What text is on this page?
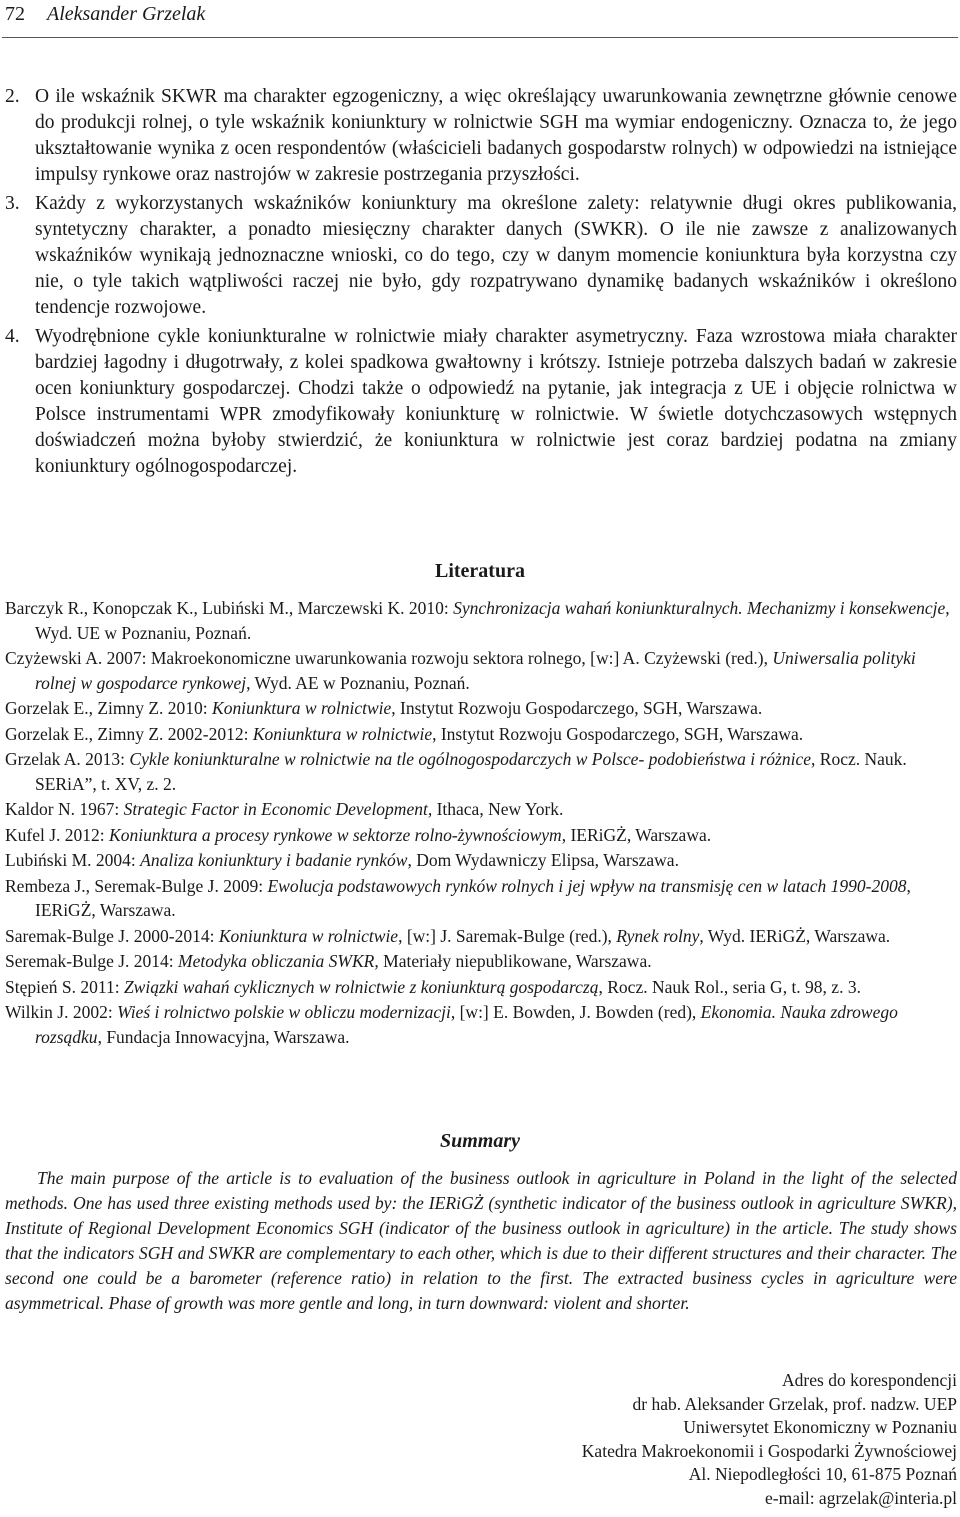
72 Aleksander Grzelak
2. O ile wskaźnik SKWR ma charakter egzogeniczny, a więc określający uwarunkowania zewnętrzne głównie cenowe do produkcji rolnej, o tyle wskaźnik koniunktury w rolnictwie SGH ma wymiar endogeniczny. Oznacza to, że jego ukształtowanie wynika z ocen respondentów (właścicieli badanych gospodarstw rolnych) w odpowiedzi na istniejące impulsy rynkowe oraz nastrojów w zakresie postrzegania przyszłości.
3. Każdy z wykorzystanych wskaźników koniunktury ma określone zalety: relatywnie długi okres publikowania, syntetyczny charakter, a ponadto miesięczny charakter danych (SWKR). O ile nie zawsze z analizowanych wskaźników wynikają jednoznaczne wnioski, co do tego, czy w danym momencie koniunktura była korzystna czy nie, o tyle takich wątpliwości raczej nie było, gdy rozpatrywano dynamikę badanych wskaźników i określono tendencje rozwojowe.
4. Wyodrębnione cykle koniunkturalne w rolnictwie miały charakter asymetryczny. Faza wzrostowa miała charakter bardziej łagodny i długotrwały, z kolei spadkowa gwałtowny i krótszy. Istnieje potrzeba dalszych badań w zakresie ocen koniunktury gospodarczej. Chodzi także o odpowiedź na pytanie, jak integracja z UE i objęcie rolnictwa w Polsce instrumentami WPR zmodyfikowały koniunkturę w rolnictwie. W świetle dotychczasowych wstępnych doświadczeń można byłoby stwierdzić, że koniunktura w rolnictwie jest coraz bardziej podatna na zmiany koniunktury ogólnogospodarczej.
Literatura
Barczyk R., Konopczak K., Lubiński M., Marczewski K. 2010: Synchronizacja wahań koniunkturalnych. Mechanizmy i konsekwencje, Wyd. UE w Poznaniu, Poznań.
Czyżewski A. 2007: Makroekonomiczne uwarunkowania rozwoju sektora rolnego, [w:] A. Czyżewski (red.), Uniwersalia polityki rolnej w gospodarce rynkowej, Wyd. AE w Poznaniu, Poznań.
Gorzelak E., Zimny Z. 2010: Koniunktura w rolnictwie, Instytut Rozwoju Gospodarczego, SGH, Warszawa.
Gorzelak E., Zimny Z. 2002-2012: Koniunktura w rolnictwie, Instytut Rozwoju Gospodarczego, SGH, Warszawa.
Grzelak A. 2013: Cykle koniunkturalne w rolnictwie na tle ogólnogospodarczych w Polsce- podobieństwa i różnice, Rocz. Nauk. SERiA”, t. XV, z. 2.
Kaldor N. 1967: Strategic Factor in Economic Development, Ithaca, New York.
Kufel J. 2012: Koniunktura a procesy rynkowe w sektorze rolno-żywnościowym, IERiGŻ, Warszawa.
Lubiński M. 2004: Analiza koniunktury i badanie rynków, Dom Wydawniczy Elipsa, Warszawa.
Rembeza J., Seremak-Bulge J. 2009: Ewolucja podstawowych rynków rolnych i jej wpływ na transmisję cen w latach 1990-2008, IERiGŻ, Warszawa.
Saremak-Bulge J. 2000-2014: Koniunktura w rolnictwie, [w:] J. Saremak-Bulge (red.), Rynek rolny, Wyd. IERiGŻ, Warszawa.
Seremak-Bulge J. 2014: Metodyka obliczania SWKR, Materiały niepublikowane, Warszawa.
Stępień S. 2011: Związki wahań cyklicznych w rolnictwie z koniunkturą gospodarczą, Rocz. Nauk Rol., seria G, t. 98, z. 3.
Wilkin J. 2002: Wieś i rolnictwo polskie w obliczu modernizacji, [w:] E. Bowden, J. Bowden (red), Ekonomia. Nauka zdrowego rozsądku, Fundacja Innowacyjna, Warszawa.
Summary
The main purpose of the article is to evaluation of the business outlook in agriculture in Poland in the light of the selected methods. One has used three existing methods used by: the IERiGŻ (synthetic indicator of the business outlook in agriculture SWKR), Institute of Regional Development Economics SGH (indicator of the business outlook in agriculture) in the article. The study shows that the indicators SGH and SWKR are complementary to each other, which is due to their different structures and their character. The second one could be a barometer (reference ratio) in relation to the first. The extracted business cycles in agriculture were asymmetrical. Phase of growth was more gentle and long, in turn downward: violent and shorter.
Adres do korespondencji
dr hab. Aleksander Grzelak, prof. nadzw. UEP
Uniwersytet Ekonomiczny w Poznaniu
Katedra Makroekonomii i Gospodarki Żywnościowej
Al. Niepodległości 10, 61-875 Poznań
e-mail: agrzelak@interia.pl
